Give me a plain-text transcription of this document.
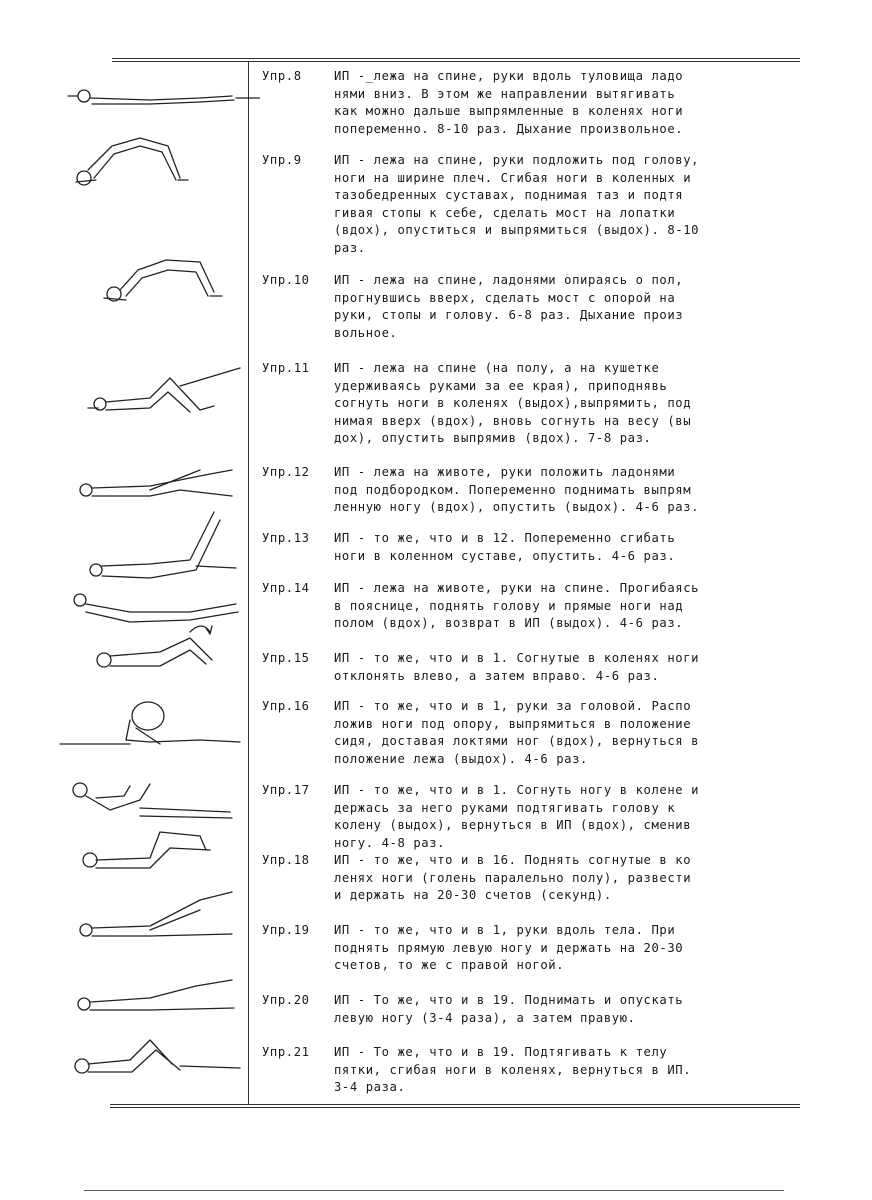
Упр.8	ИП -_лежа на спине, руки вдоль туловища ладо
нями вниз. В этом же направлении вытягивать
как можно дальше выпрямленные в коленях ноги
попеременно. 8-10 раз. Дыхание произвольное.
Упр.9	ИП - лежа на спине, руки подложить под голову,
ноги на ширине плеч. Сгибая ноги в коленных и
тазобедренных суставах, поднимая таз и подтя
гивая стопы к себе, сделать мост на лопатки
(вдох), опуститься и выпрямиться (выдох). 8-10
раз.
Упр.10	ИП - лежа на спине, ладонями опираясь о пол,
прогнувшись вверх, сделать мост с опорой на
руки, стопы и голову. 6-8 раз. Дыхание произ
вольное.
Упр.11	ИП - лежа на спине (на полу, а на кушетке
удерживаясь руками за ее края), приподнявь
согнуть ноги в коленях (выдох),выпрямить, под
нимая вверх (вдох), вновь согнуть на весу (вы
дох), опустить выпрямив (вдох). 7-8 раз.
Упр.12	ИП - лежа на животе, руки положить ладонями
под подбородком. Попеременно поднимать выпрям
ленную ногу (вдох), опустить (выдох). 4-6 раз.
Упр.13	ИП - то же, что и в 12. Попеременно сгибать
ноги в коленном суставе, опустить. 4-6 раз.
Упр.14	ИП - лежа на животе, руки на спине. Прогибаясь
в пояснице, поднять голову и прямые ноги над
полом (вдох), возврат в ИП (выдох). 4-6 раз.
Упр.15	ИП - то же, что и в 1. Согнутые в коленях ноги
отклонять влево, а затем вправо. 4-6 раз.
Упр.16	ИП - то же, что и в 1, руки за головой. Распо
ложив ноги под опору, выпрямиться в положение
сидя, доставая локтями ног (вдох), вернуться в
положение лежа (выдох). 4-6 раз.
Упр.17	ИП - то же, что и в 1. Согнуть ногу в колене и
держась за него руками подтягивать голову к
колену (выдох), вернуться в ИП (вдох), сменив
ногу. 4-8 раз.
Упр.18	ИП - то же, что и в 16. Поднять согнутые в ко
ленях ноги (голень паралельно полу), развести
и держать на 20-30 счетов (секунд).
Упр.19	ИП - то же, что и в 1, руки вдоль тела. При
поднять прямую левую ногу и держать на 20-30
счетов, то же с правой ногой.
Упр.20	ИП - То же, что и в 19. Поднимать и опускать
левую ногу (3-4 раза), а затем правую.
Упр.21	ИП - То же, что и в 19. Подтягивать к телу
пятки, сгибая ноги в коленях, вернуться в ИП.
3-4 раза.
